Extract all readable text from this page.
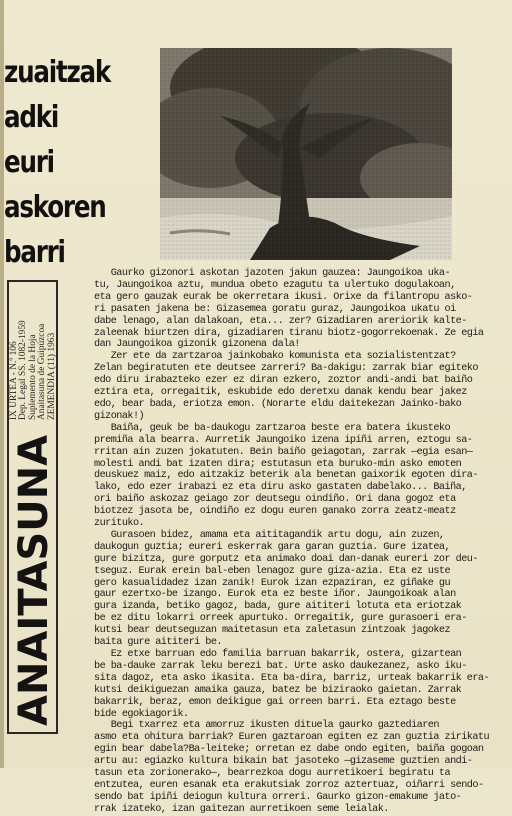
zuaitzak
adki
euri
askoren
barri
IX URTEA - N.º 106 Dep. Legal SS. 1082-1959 Suplemento de la Hoja Anaitasuna de Guipúzcoa ZEMENDIA (11) 1963
ANAITASUNA
Gaurko gizonori askotan jazoten jakun gauzea: Jaungoikoa uka-
tu, Jaungoikoa aztu, mundua obeto ezagutu ta ulertuko dogulakoan,
eta gero gauzak eurak be okerretara ikusi. Orixe da filantropu asko-
ri pasaten jakena be: Gizasemea goratu guraz, Jaungoikoa ukatu oi
dabe lenago, alan dalakoan, eta... zer? Gizadiaren areriorik kalte-
zaleenak biurtzen dira, gizadiaren tiranu biotz-gogorrekoenak. Ze egia
dan Jaungoikoa gizonik gizonena dala!
Zer ete da zartzaroa jainkobako komunista eta sozialistentzat?
Zelan begiratuten ete deutsee zarreri? Ba-dakigu: zarrak biar egiteko
edo diru irabazteko ezer ez diran ezkero, zoztor andi-andi bat baiño
eztira eta, orregaitik, eskubide edo deretxu danak kendu bear jakez
edo, bear bada, eriotza emon. (Norarte eldu daitekezan Jainko-bako
gizonak!)
Baiña, geuk be ba-daukogu zartzaroa beste era batera ikusteko
premiña ala bearra. Aurretik Jaungoiko izena ipiñi arren, eztogu sa-
rritan ain zuzen jokatuten. Bein baiño geiagotan, zarrak —egia esan—
molesti andi bat izaten dira; estutasun eta buruko-min asko emoten
deuskuez maiz, edo aitzakiz beterik ala benetan gaixorik egoten dira-
lako, edo ezer irabazi ez eta diru asko gastaten dabelako... Baiña,
ori baiño askozaz geiago zor deutsegu oindiño. Ori dana gogoz eta
biotzez jasota be, oindiño ez dogu euren ganako zorra zeatz-meatz
zurituko.
Gurasoen bidez, amama eta aititagandik artu dogu, ain zuzen,
daukogun guztia; eureri eskerrak gara garan guztia. Gure izatea,
gure bizitza, gure gorputz eta animako doai dan-danak eureri zor deu-
tseguz. Eurak erein bal-eben lenagoz gure giza-azia. Eta ez uste
gero kasualidadez izan zanik! Eurok izan ezpaziran, ez giñake gu
gaur ezertxo-be izango. Eurok eta ez beste iñor. Jaungoikoak alan
gura izanda, betiko gagoz, bada, gure aititeri lotuta eta eriotzak
be ez ditu lokarri orreek apurtuko. Orregaitik, gure gurasoeri era-
kutsi bear deutseguzan maitetasun eta zaletasun zintzoak jagokez
baita gure aititeri be.
Ez etxe barruan edo familia barruan bakarrik, ostera, gizartean
be ba-dauke zarrak leku berezi bat. Urte asko daukezanez, asko iku-
sita dagoz, eta asko ikasita. Eta ba-dira, barriz, urteak bakarrik era-
kutsi deikiguezan amaika gauza, batez be biziraoko gaietan. Zarrak
bakarrik, beraz, emon deikigue gai orreen barri. Eta eztago beste
bide egokiagorik.
Begi txarrez eta amorruz ikusten dituela gaurko gaztediaren
asmo eta ohitura barriak? Euren gaztaroan egiten ez zan guztia zirikatu
egin bear dabela?Ba-leiteke; orretan ez dabe ondo egiten, baiña gogoan
artu au: egiazko kultura bikain bat jasoteko —gizaseme guztien andi-
tasun eta zorionerako—, bearrezkoa dogu aurretikoeri begiratu ta
entzutea, euren esanak eta erakutsiak zorroz aztertuaz, oiñarri sendo-
sendo bat ipiñi deiogun kultura orreri. Gaurko gizon-emakume jato-
rrak izateko, izan gaitezan aurretikoen seme leialak.
